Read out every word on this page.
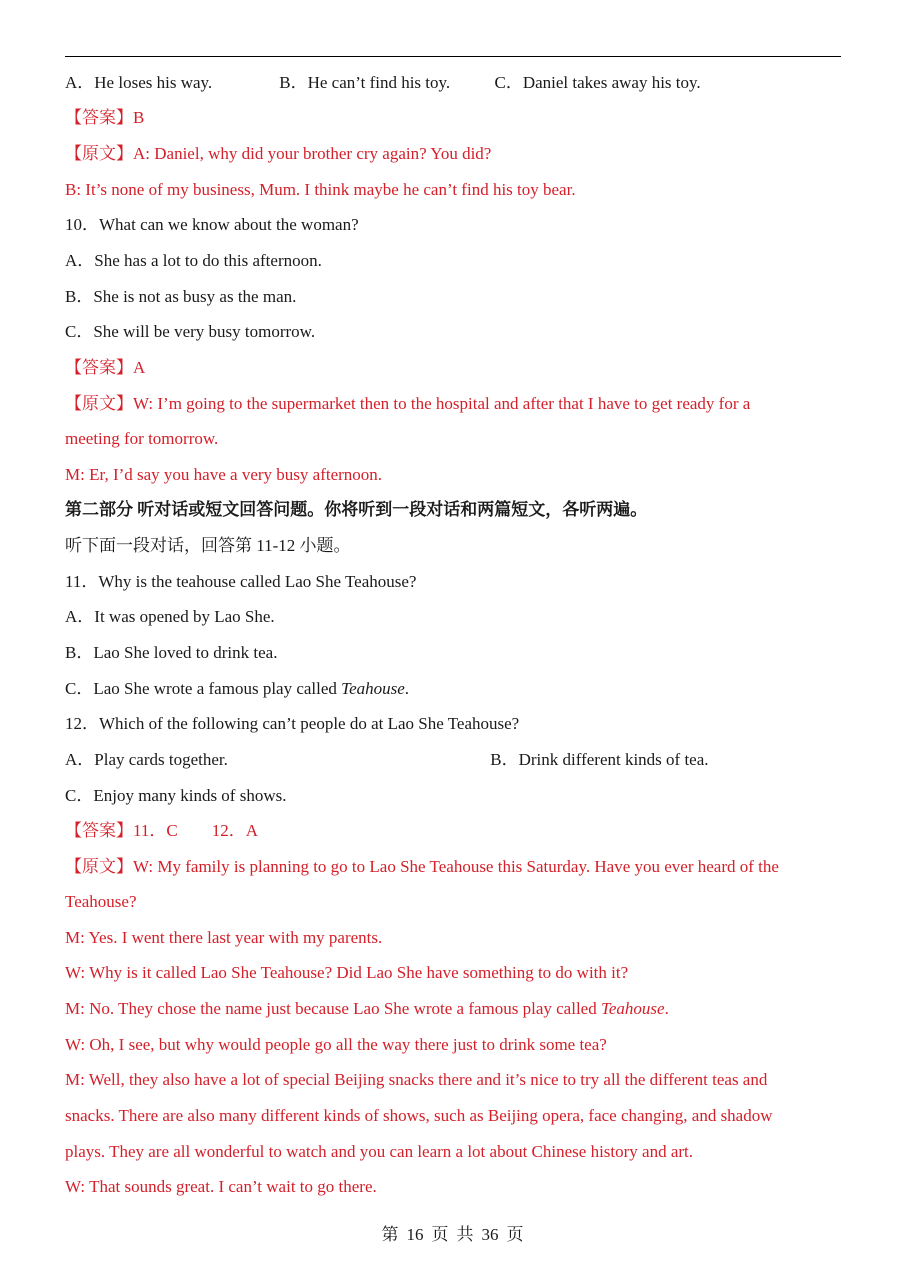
A．He loses his way.	B．He can’t find his toy.	C．Daniel takes away his toy.
【答案】B
【原文】A: Daniel, why did your brother cry again? You did?
B: It’s none of my business, Mum. I think maybe he can’t find his toy bear.
10．What can we know about the woman?
A．She has a lot to do this afternoon.
B．She is not as busy as the man.
C．She will be very busy tomorrow.
【答案】A
【原文】W: I’m going to the supermarket then to the hospital and after that I have to get ready for a
meeting for tomorrow.
M: Er, I’d say you have a very busy afternoon.
第二部分 听对话或短文回答问题。你将听到一段对话和两篇短文，各听两遍。
听下面一段对话，回答第 11-12 小题。
11．Why is the teahouse called Lao She Teahouse?
A．It was opened by Lao She.
B．Lao She loved to drink tea.
C．Lao She wrote a famous play called Teahouse.
12．Which of the following can’t people do at Lao She Teahouse?
A．Play cards together.	B．Drink different kinds of tea.
C．Enjoy many kinds of shows.
【答案】11．C        12．A
【原文】W: My family is planning to go to Lao She Teahouse this Saturday. Have you ever heard of the
Teahouse?
M: Yes. I went there last year with my parents.
W: Why is it called Lao She Teahouse? Did Lao She have something to do with it?
M: No. They chose the name just because Lao She wrote a famous play called Teahouse.
W: Oh, I see, but why would people go all the way there just to drink some tea?
M: Well, they also have a lot of special Beijing snacks there and it’s nice to try all the different teas and
snacks. There are also many different kinds of shows, such as Beijing opera, face changing, and shadow
plays. They are all wonderful to watch and you can learn a lot about Chinese history and art.
W: That sounds great. I can’t wait to go there.
第 16 页 共 36 页
